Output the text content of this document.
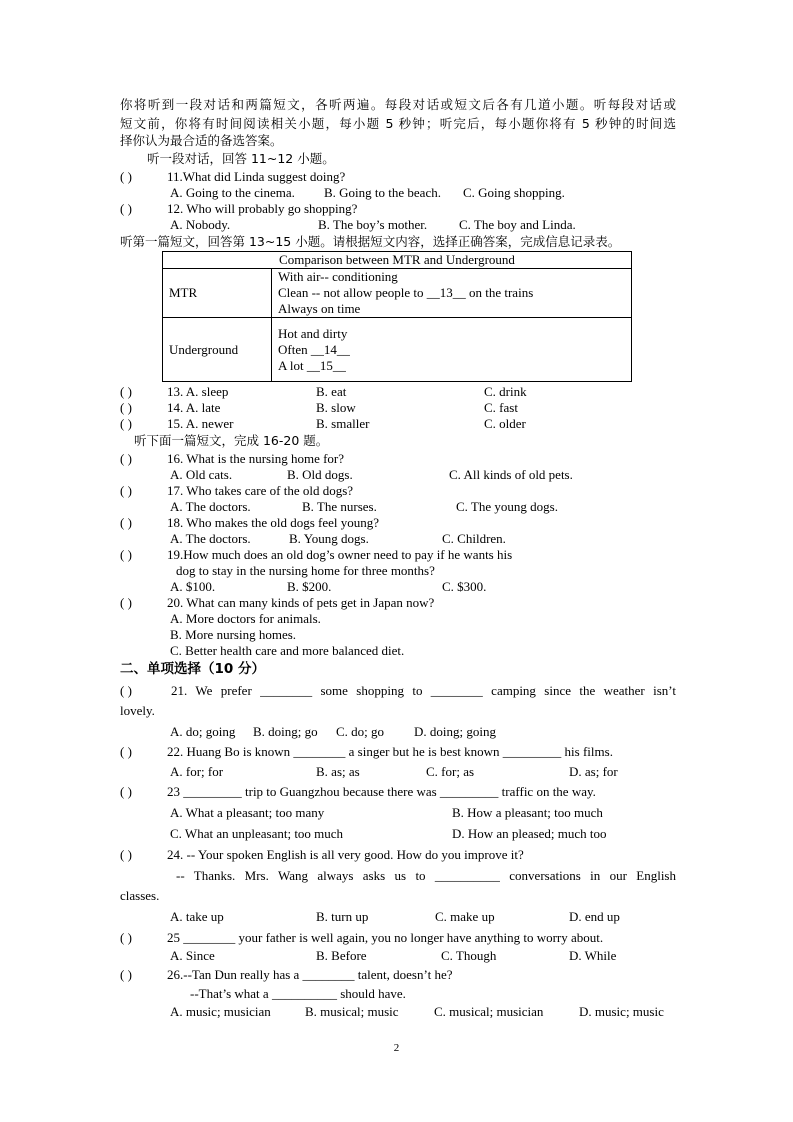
你将听到一段对话和两篇短文，各听两遍。每段对话或短文后各有几道小题。听每段对话或
短文前，你将有时间阅读相关小题，每小题 5 秒钟；听完后，每小题你将有 5 秒钟的时间选
择你认为最合适的备选答案。
听一段对话，回答 11~12 小题。
( )	11.What did Linda suggest doing?
A. Going to the cinema. B. Going to the beach. C. Going shopping.
( )	12. Who will probably go shopping?
A. Nobody.	B. The boy’s mother. C. The boy and Linda.
听第一篇短文，回答第 13~15 小题。请根据短文内容，选择正确答案，完成信息记录表。
Comparison between MTR and Underground	
MTR	With air-- conditioning
Clean -- not allow people to __13__ on the trains
Always on time

Underground	Hot and dirty
Often __14__
A lot __15__
( )	13. A. sleep	B. eat	C. drink
( )	14. A. late	B. slow	C. fast
( )	15. A. newer	B. smaller	C. older
听下面一篇短文，完成 16-20 题。
( )	16. What is the nursing home for?
A. Old cats.	B. Old dogs.	C. All kinds of old pets.
( )	17. Who takes care of the old dogs?
A. The doctors.	B. The nurses.	C. The young dogs.
( )	18. Who makes the old dogs feel young?
A. The doctors.	B. Young dogs.	C. Children.
( )	19.How much does an old dog’s owner need to pay if he wants his
dog to stay in the nursing home for three months?
A. $100.	B. $200.	C. $300.
( )	20. What can many kinds of pets get in Japan now?
A. More doctors for animals.
B. More nursing homes.
C. Better health care and more balanced diet.
二、单项选择（10 分）
( )	21. We prefer ________ some shopping to ________ camping since the weather isn’t
lovely.
A. do; going B. doing; go C. do; go D. doing; going
( )	22. Huang Bo is known ________ a singer but he is best known _________ his films.
A. for; for	B. as; as	C. for; as	D. as; for
( )	23 _________ trip to Guangzhou because there was _________ traffic on the way.
A. What a pleasant; too many	B. How a pleasant; too much
C. What an unpleasant; too much	D. How an pleased; much too
( )	24. -- Your spoken English is all very good. How do you improve it?
-- Thanks. Mrs. Wang always asks us to __________ conversations in our English
classes.
A. take up	B. turn up	C. make up	D. end up
( )	25 ________ your father is well again, you no longer have anything to worry about.
A. Since	B. Before	C. Though	D. While
( )	26.--Tan Dun really has a ________ talent, doesn’t he?
--That’s what a __________ should have.
A. music; musician	B. musical; music	C. musical; musician	D. music; music
2
